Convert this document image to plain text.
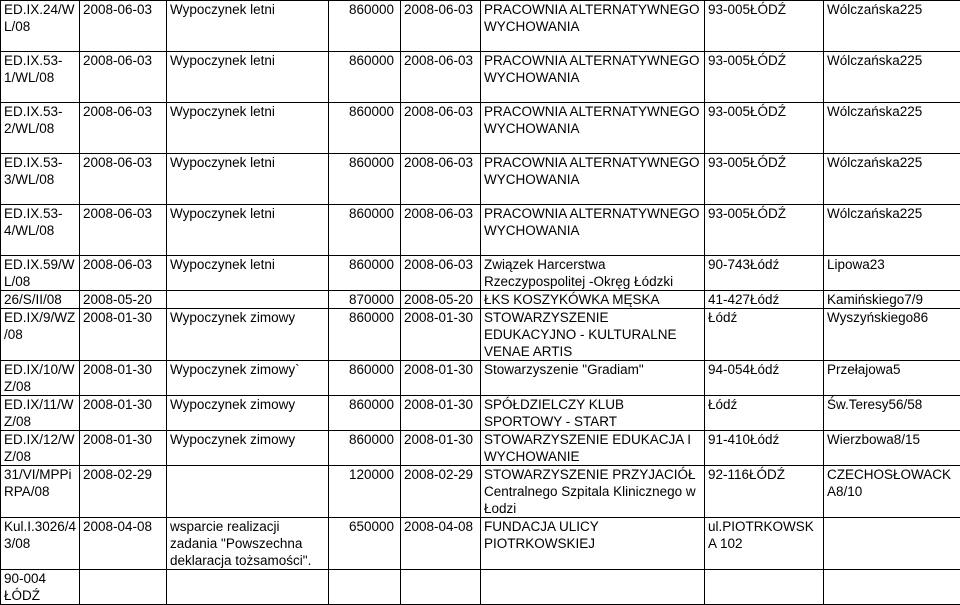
ED.IX.24/W L/08	2008-06-03	Wypoczynek letni	860000	2008-06-03	PRACOWNIA ALTERNATYWNEGO WYCHOWANIA	93-005ŁÓDŹ	Wólczańska225
ED.IX.53-1/WL/08	2008-06-03	Wypoczynek letni	860000	2008-06-03	PRACOWNIA ALTERNATYWNEGO WYCHOWANIA	93-005ŁÓDŹ	Wólczańska225
ED.IX.53-2/WL/08	2008-06-03	Wypoczynek letni	860000	2008-06-03	PRACOWNIA ALTERNATYWNEGO WYCHOWANIA	93-005ŁÓDŹ	Wólczańska225
ED.IX.53-3/WL/08	2008-06-03	Wypoczynek letni	860000	2008-06-03	PRACOWNIA ALTERNATYWNEGO WYCHOWANIA	93-005ŁÓDŹ	Wólczańska225
ED.IX.53-4/WL/08	2008-06-03	Wypoczynek letni	860000	2008-06-03	PRACOWNIA ALTERNATYWNEGO WYCHOWANIA	93-005ŁÓDŹ	Wólczańska225
ED.IX.59/W L/08	2008-06-03	Wypoczynek letni	860000	2008-06-03	Związek Harcerstwa Rzeczypospolitej -Okręg Łódzki	90-743Łódź	Lipowa23
26/S/II/08	2008-05-20		870000	2008-05-20	ŁKS KOSZYKÓWKA MĘSKA	41-427Łódź	Kamińskiego7/9
ED.IX/9/WZ /08	2008-01-30	Wypoczynek zimowy	860000	2008-01-30	STOWARZYSZENIE EDUKACYJNO - KULTURALNE VENAE ARTIS	Łódź	Wyszyńskiego86
ED.IX/10/W Z/08	2008-01-30	Wypoczynek zimowy`	860000	2008-01-30	Stowarzyszenie "Gradiam"	94-054Łódź	Przełajowa5
ED.IX/11/W Z/08	2008-01-30	Wypoczynek zimowy	860000	2008-01-30	SPÓŁDZIELCZY KLUB SPORTOWY - START	Łódź	Św.Teresy56/58
ED.IX/12/W Z/08	2008-01-30	Wypoczynek zimowy	860000	2008-01-30	STOWARZYSZENIE EDUKACJA I WYCHOWANIE	91-410Łódź	Wierzbowa8/15
31/VI/MPPi RPA/08	2008-02-29		120000	2008-02-29	STOWARZYSZENIE PRZYJACIÓŁ Centralnego Szpitala Klinicznego w Łodzi	92-116ŁÓDŹ	CZECHOSŁOWACK A8/10
Kul.I.3026/4 3/08	2008-04-08	wsparcie realizacji zadania "Powszechna deklaracja tożsamości".	650000	2008-04-08	FUNDACJA ULICY PIOTRKOWSKIEJ	ul.PIOTRKOWSKA 102	
90-004 ŁÓDŹ							
